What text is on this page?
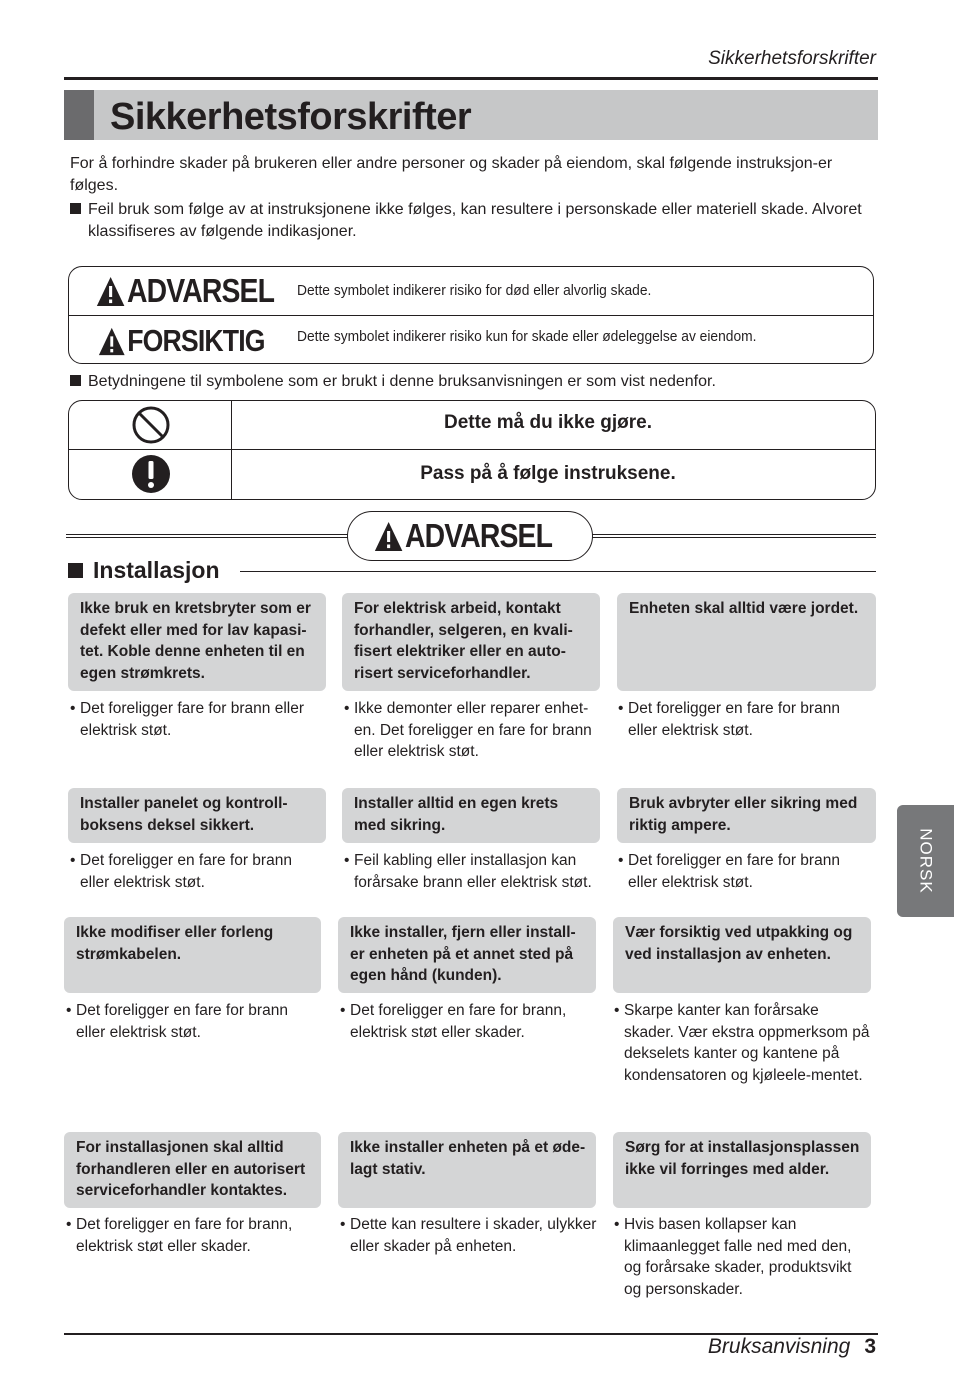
Sikkerhetsforskrifter
Sikkerhetsforskrifter
For å forhindre skader på brukeren eller andre personer og skader på eiendom, skal følgende instruksjon-er følges.
Feil bruk som følge av at instruksjonene ikke følges, kan resultere i personskade eller materiell skade. Alvoret klassifiseres av følgende indikasjoner.
ADVARSEL Dette symbolet indikerer risiko for død eller alvorlig skade.
FORSIKTIG Dette symbolet indikerer risiko kun for skade eller ødeleggelse av eiendom.
Betydningene til symbolene som er brukt i denne bruksanvisningen er som vist nedenfor.
Dette må du ikke gjøre.
Pass på å følge instruksene.
ADVARSEL
Installasjon
Ikke bruk en kretsbryter som er defekt eller med for lav kapasi-tet. Koble denne enheten til en egen strømkrets.
• Det foreligger fare for brann eller elektrisk støt.
For elektrisk arbeid, kontakt forhandler, selgeren, en kvali-fisert elektriker eller en auto-risert serviceforhandler.
• Ikke demonter eller reparer enhet-en. Det foreligger en fare for brann eller elektrisk støt.
Enheten skal alltid være jordet.
• Det foreligger en fare for brann eller elektrisk støt.
Installer panelet og kontroll-boksens deksel sikkert.
• Det foreligger en fare for brann eller elektrisk støt.
Installer alltid en egen krets med sikring.
• Feil kabling eller installasjon kan forårsake brann eller elektrisk støt.
Bruk avbryter eller sikring med riktig ampere.
• Det foreligger en fare for brann eller elektrisk støt.
Ikke modifiser eller forleng strømkabelen.
• Det foreligger en fare for brann eller elektrisk støt.
Ikke installer, fjern eller install-er enheten på et annet sted på egen hånd (kunden).
• Det foreligger en fare for brann, elektrisk støt eller skader.
Vær forsiktig ved utpakking og ved installasjon av enheten.
• Skarpe kanter kan forårsake skader. Vær ekstra oppmerksom på dekselets kanter og kantene på kondensatoren og kjøleele-mentet.
For installasjonen skal alltid forhandleren eller en autorisert serviceforhandler kontaktes.
• Det foreligger en fare for brann, elektrisk støt eller skader.
Ikke installer enheten på et øde-lagt stativ.
• Dette kan resultere i skader, ulykker eller skader på enheten.
Sørg for at installasjonsplassen ikke vil forringes med alder.
• Hvis basen kollapser kan klimaanlegget falle ned med den, og forårsake skader, produktsvikt og personskader.
NORSK
Bruksanvisning 3
